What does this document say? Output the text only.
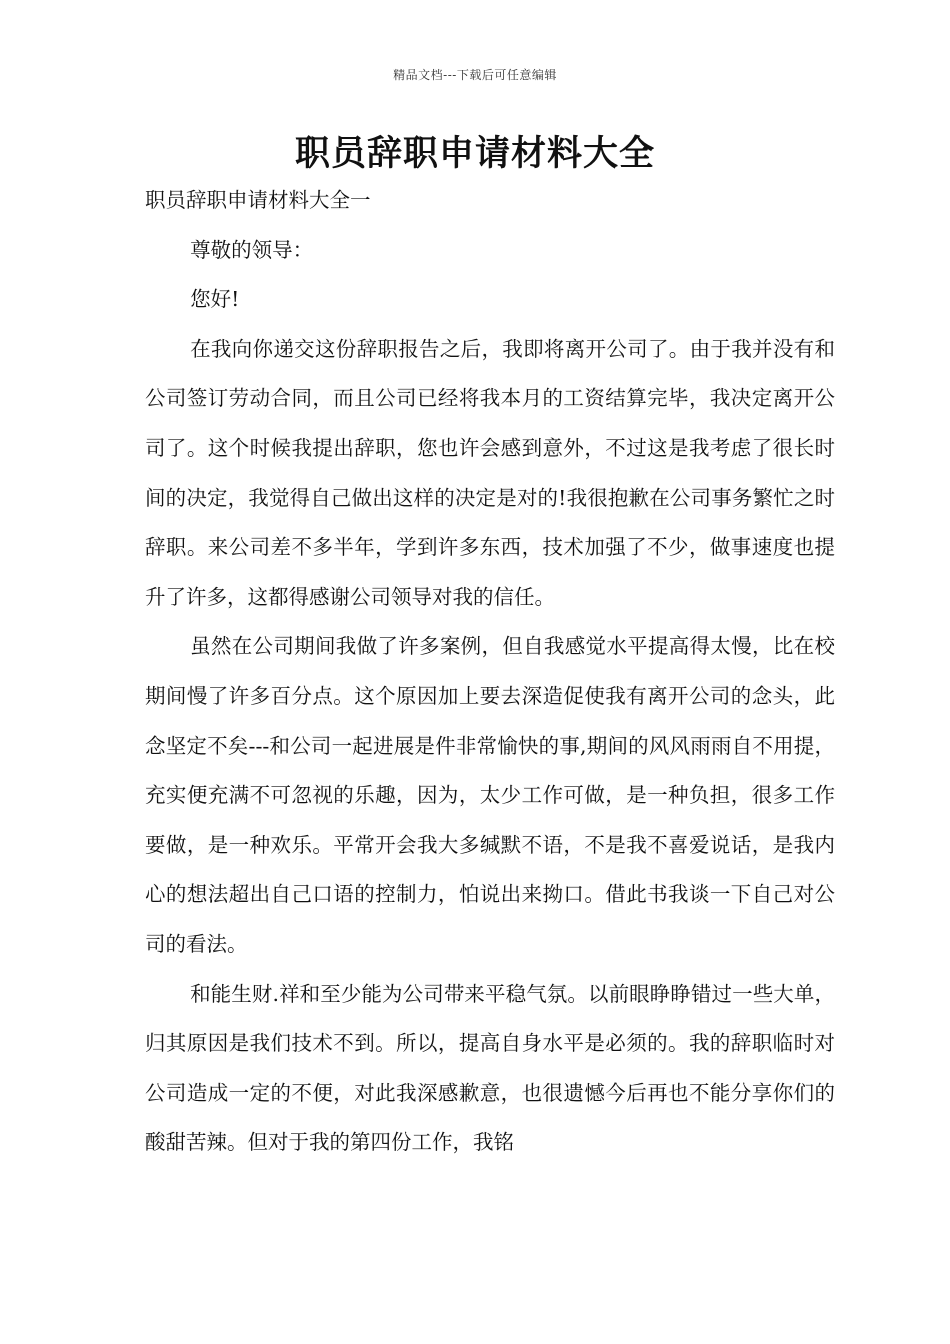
精品文档---下载后可任意编辑
职员辞职申请材料大全

职员辞职申请材料大全一

尊敬的领导：

您好!

在我向你递交这份辞职报告之后，我即将离开公司了。由于我并没有和公司签订劳动合同，而且公司已经将我本月的工资结算完毕，我决定离开公司了。这个时候我提出辞职，您也许会感到意外，不过这是我考虑了很长时间的决定，我觉得自己做出这样的决定是对的!我很抱歉在公司事务繁忙之时辞职。来公司差不多半年，学到许多东西，技术加强了不少，做事速度也提升了许多，这都得感谢公司领导对我的信任。

虽然在公司期间我做了许多案例，但自我感觉水平提高得太慢，比在校期间慢了许多百分点。这个原因加上要去深造促使我有离开公司的念头，此念坚定不矣---和公司一起进展是件非常愉快的事,期间的风风雨雨自不用提，充实便充满不可忽视的乐趣，因为，太少工作可做，是一种负担，很多工作要做，是一种欢乐。平常开会我大多缄默不语，不是我不喜爱说话，是我内心的想法超出自己口语的控制力，怕说出来拗口。借此书我谈一下自己对公司的看法。

和能生财.祥和至少能为公司带来平稳气氛。以前眼睁睁错过一些大单，归其原因是我们技术不到。所以，提高自身水平是必须的。我的辞职临时对公司造成一定的不便，对此我深感歉意，也很遗憾今后再也不能分享你们的酸甜苦辣。但对于我的第四份工作，我铭
